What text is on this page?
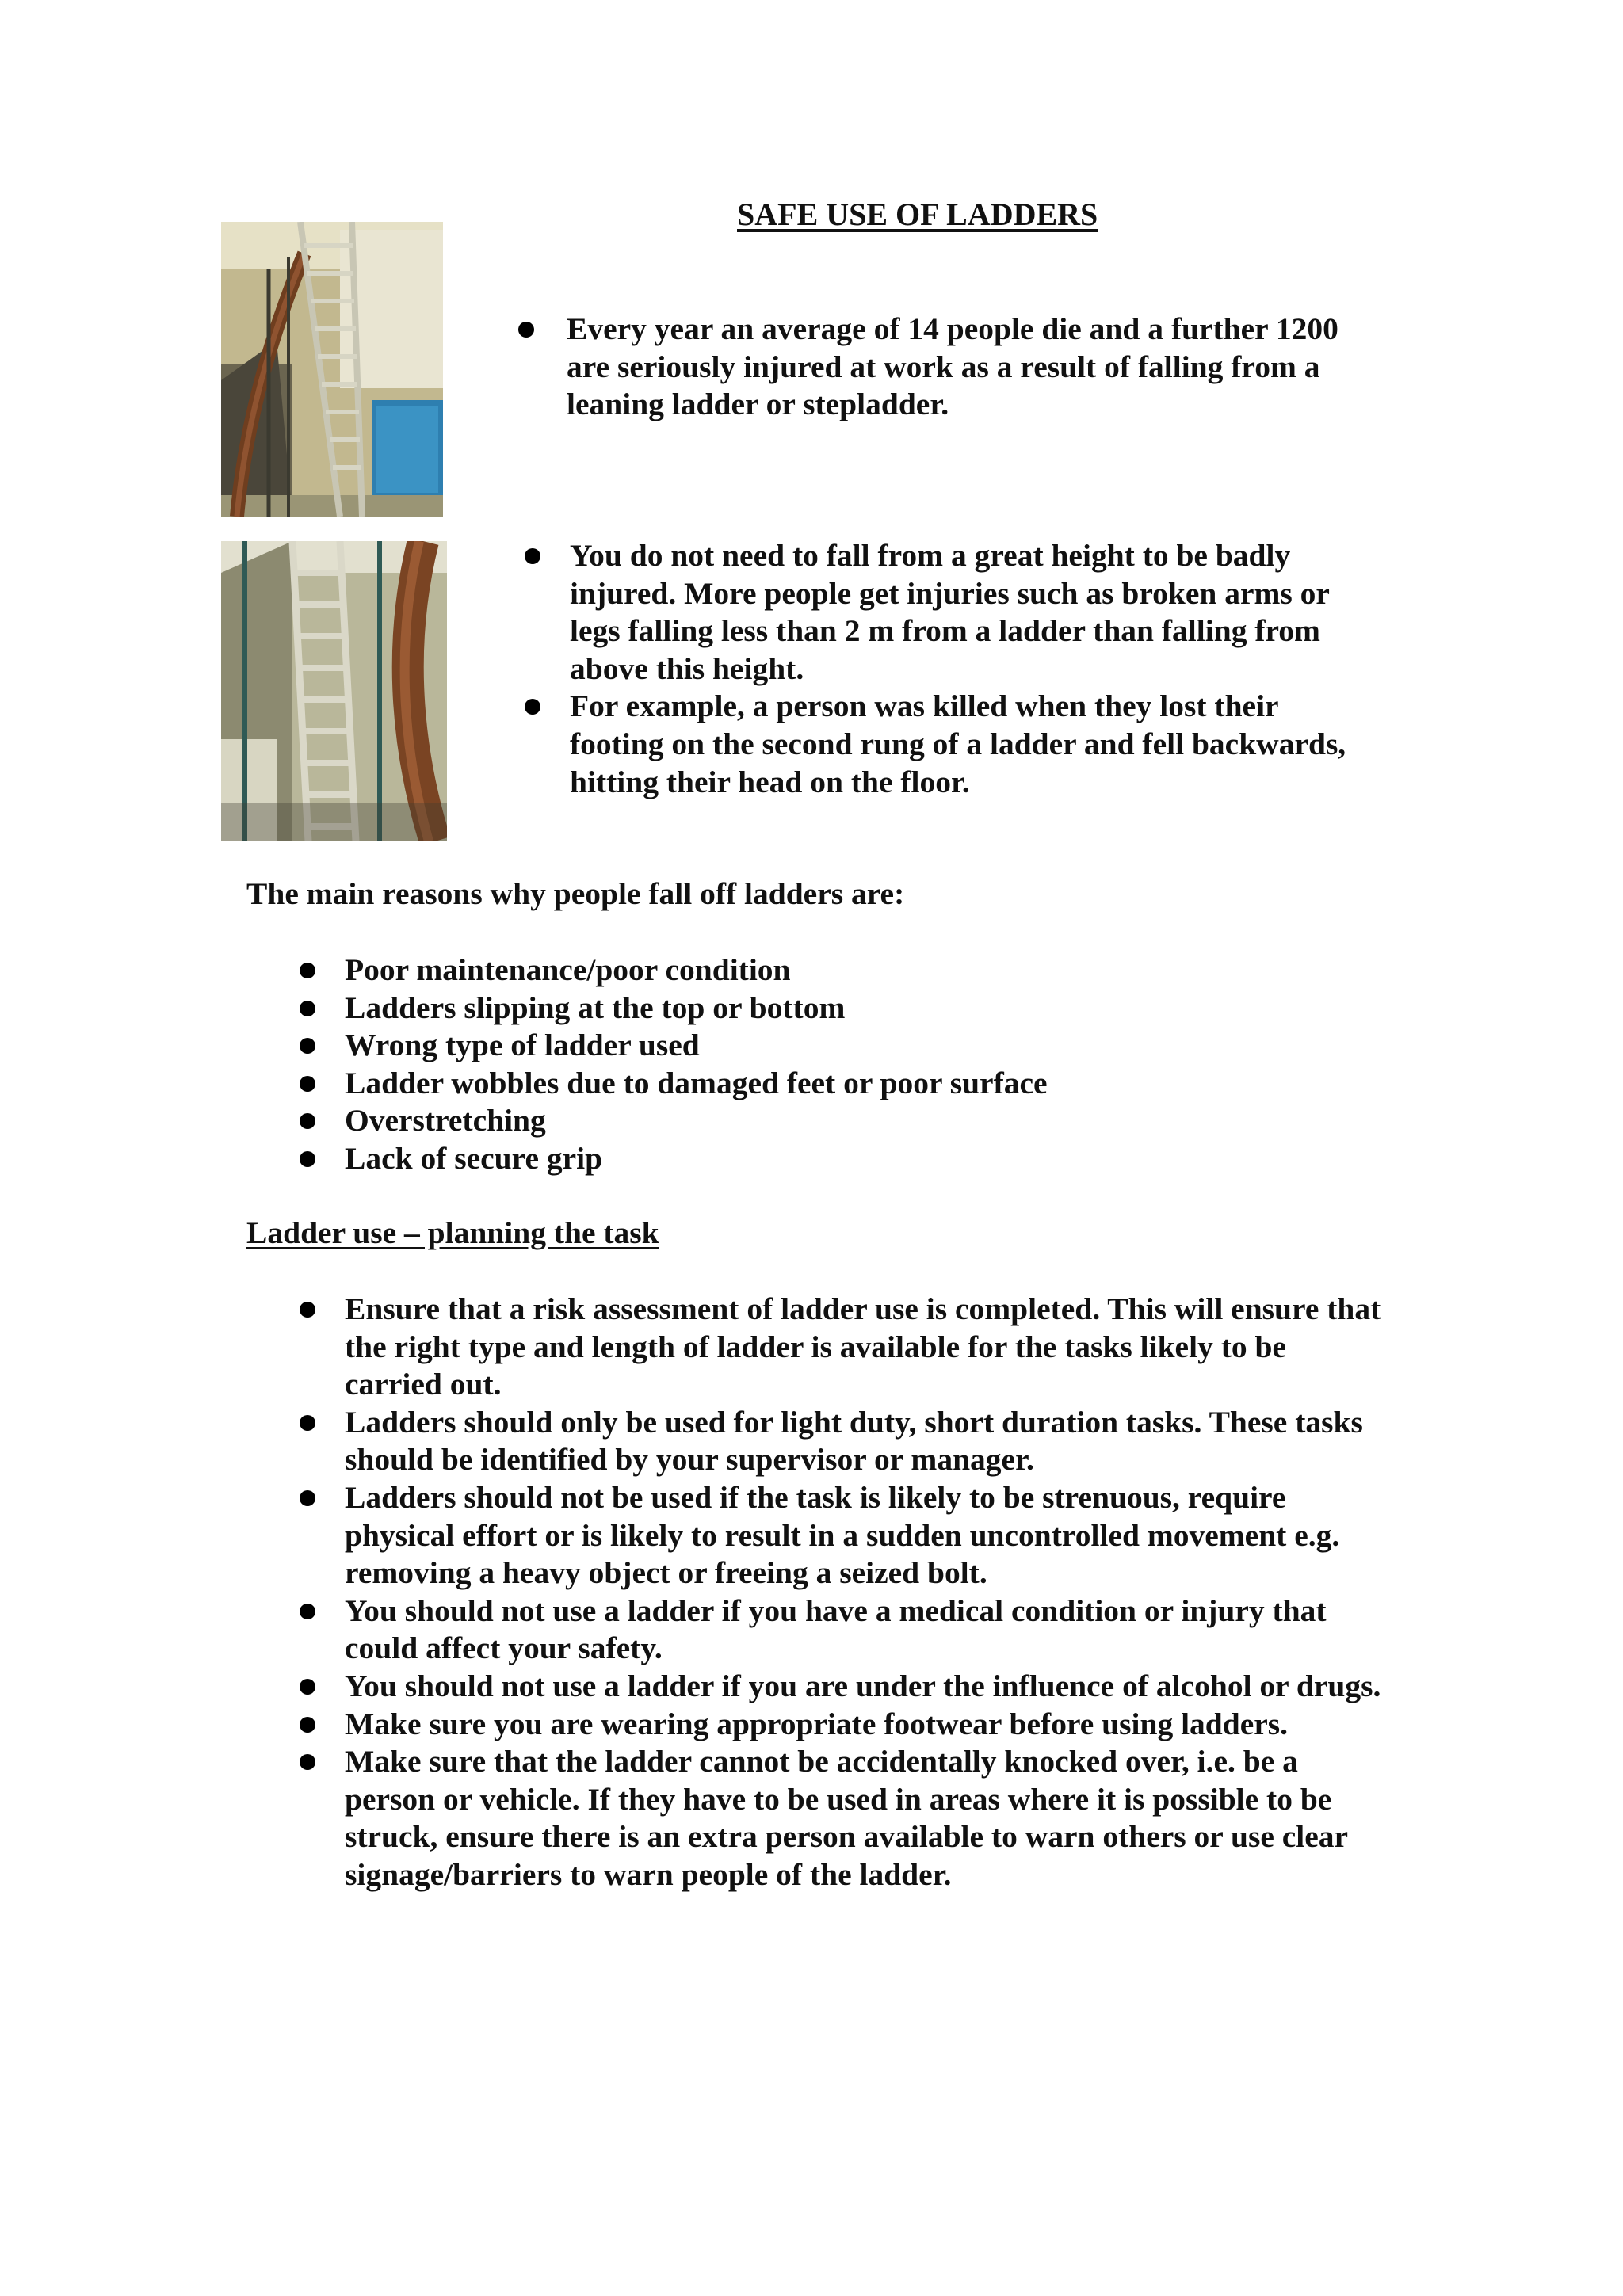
SAFE USE OF LADDERS
Every year an average of 14 people die and a further 1200 are seriously injured at work as a result of falling from a leaning ladder or stepladder.
You do not need to fall from a great height to be badly injured. More people get injuries such as broken arms or legs falling less than 2 m from a ladder than falling from above this height.
For example, a person was killed when they lost their footing on the second rung of a ladder and fell backwards, hitting their head on the floor.
The main reasons why people fall off ladders are:
Poor maintenance/poor condition
Ladders slipping at the top or bottom
Wrong type of ladder used
Ladder wobbles due to damaged feet or poor surface
Overstretching
Lack of secure grip
Ladder use – planning the task
Ensure that a risk assessment of ladder use is completed. This will ensure that the right type and length of ladder is available for the tasks likely to be carried out.
Ladders should only be used for light duty, short duration tasks. These tasks should be identified by your supervisor or manager.
Ladders should not be used if the task is likely to be strenuous, require physical effort or is likely to result in a sudden uncontrolled movement e.g. removing a heavy object or freeing a seized bolt.
You should not use a ladder if you have a medical condition or injury that could affect your safety.
You should not use a ladder if you are under the influence of alcohol or drugs.
Make sure you are wearing appropriate footwear before using ladders.
Make sure that the ladder cannot be accidentally knocked over, i.e. be a person or vehicle. If they have to be used in areas where it is possible to be struck, ensure there is an extra person available to warn others or use clear signage/barriers to warn people of the ladder.
